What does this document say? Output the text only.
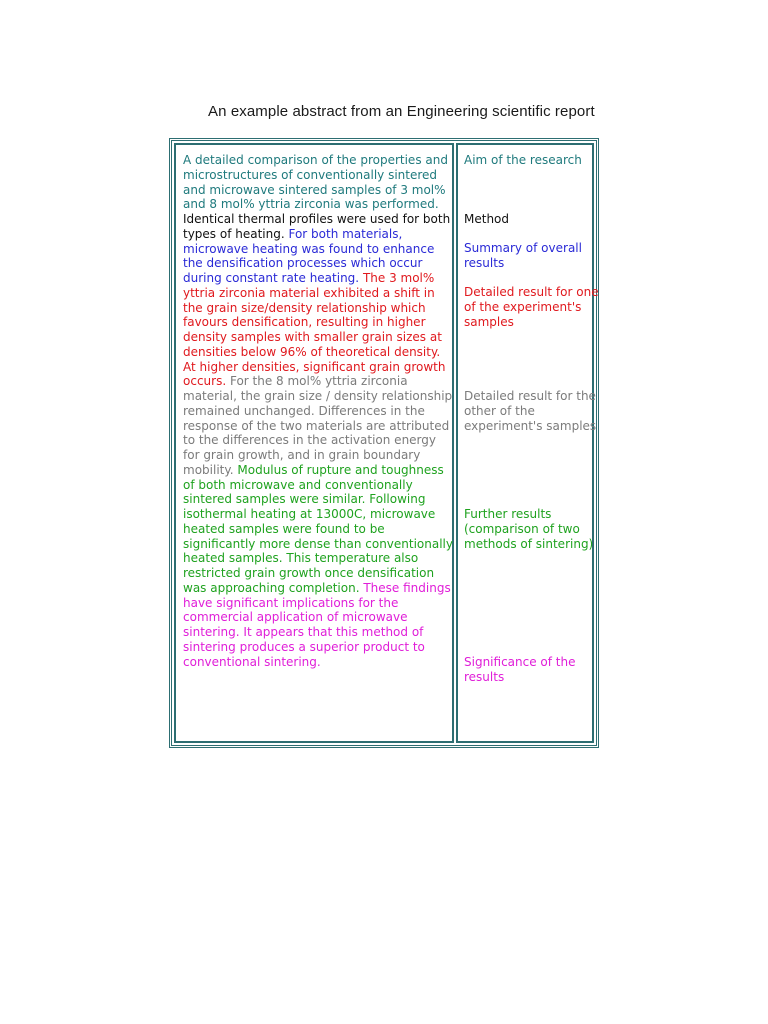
An example abstract from an Engineering scientific report

A detailed comparison of the properties and microstructures of conventionally sintered and microwave sintered samples of 3 mol% and 8 mol% yttria zirconia was performed. Identical thermal profiles were used for both types of heating. For both materials, microwave heating was found to enhance the densification processes which occur during constant rate heating. The 3 mol% yttria zirconia material exhibited a shift in the grain size/density relationship which favours densification, resulting in higher density samples with smaller grain sizes at densities below 96% of theoretical density. At higher densities, significant grain growth occurs. For the 8 mol% yttria zirconia material, the grain size / density relationship remained unchanged. Differences in the response of the two materials are attributed to the differences in the activation energy for grain growth, and in grain boundary mobility. Modulus of rupture and toughness of both microwave and conventionally sintered samples were similar. Following isothermal heating at 13000C, microwave heated samples were found to be significantly more dense than conventionally heated samples. This temperature also restricted grain growth once densification was approaching completion. These findings have significant implications for the commercial application of microwave sintering. It appears that this method of sintering produces a superior product to conventional sintering.

Aim of the research

Method

Summary of overall results

Detailed result for one of the experiment's samples

Detailed result for the other of the experiment's samples

Further results (comparison of two methods of sintering)

Significance of the results
